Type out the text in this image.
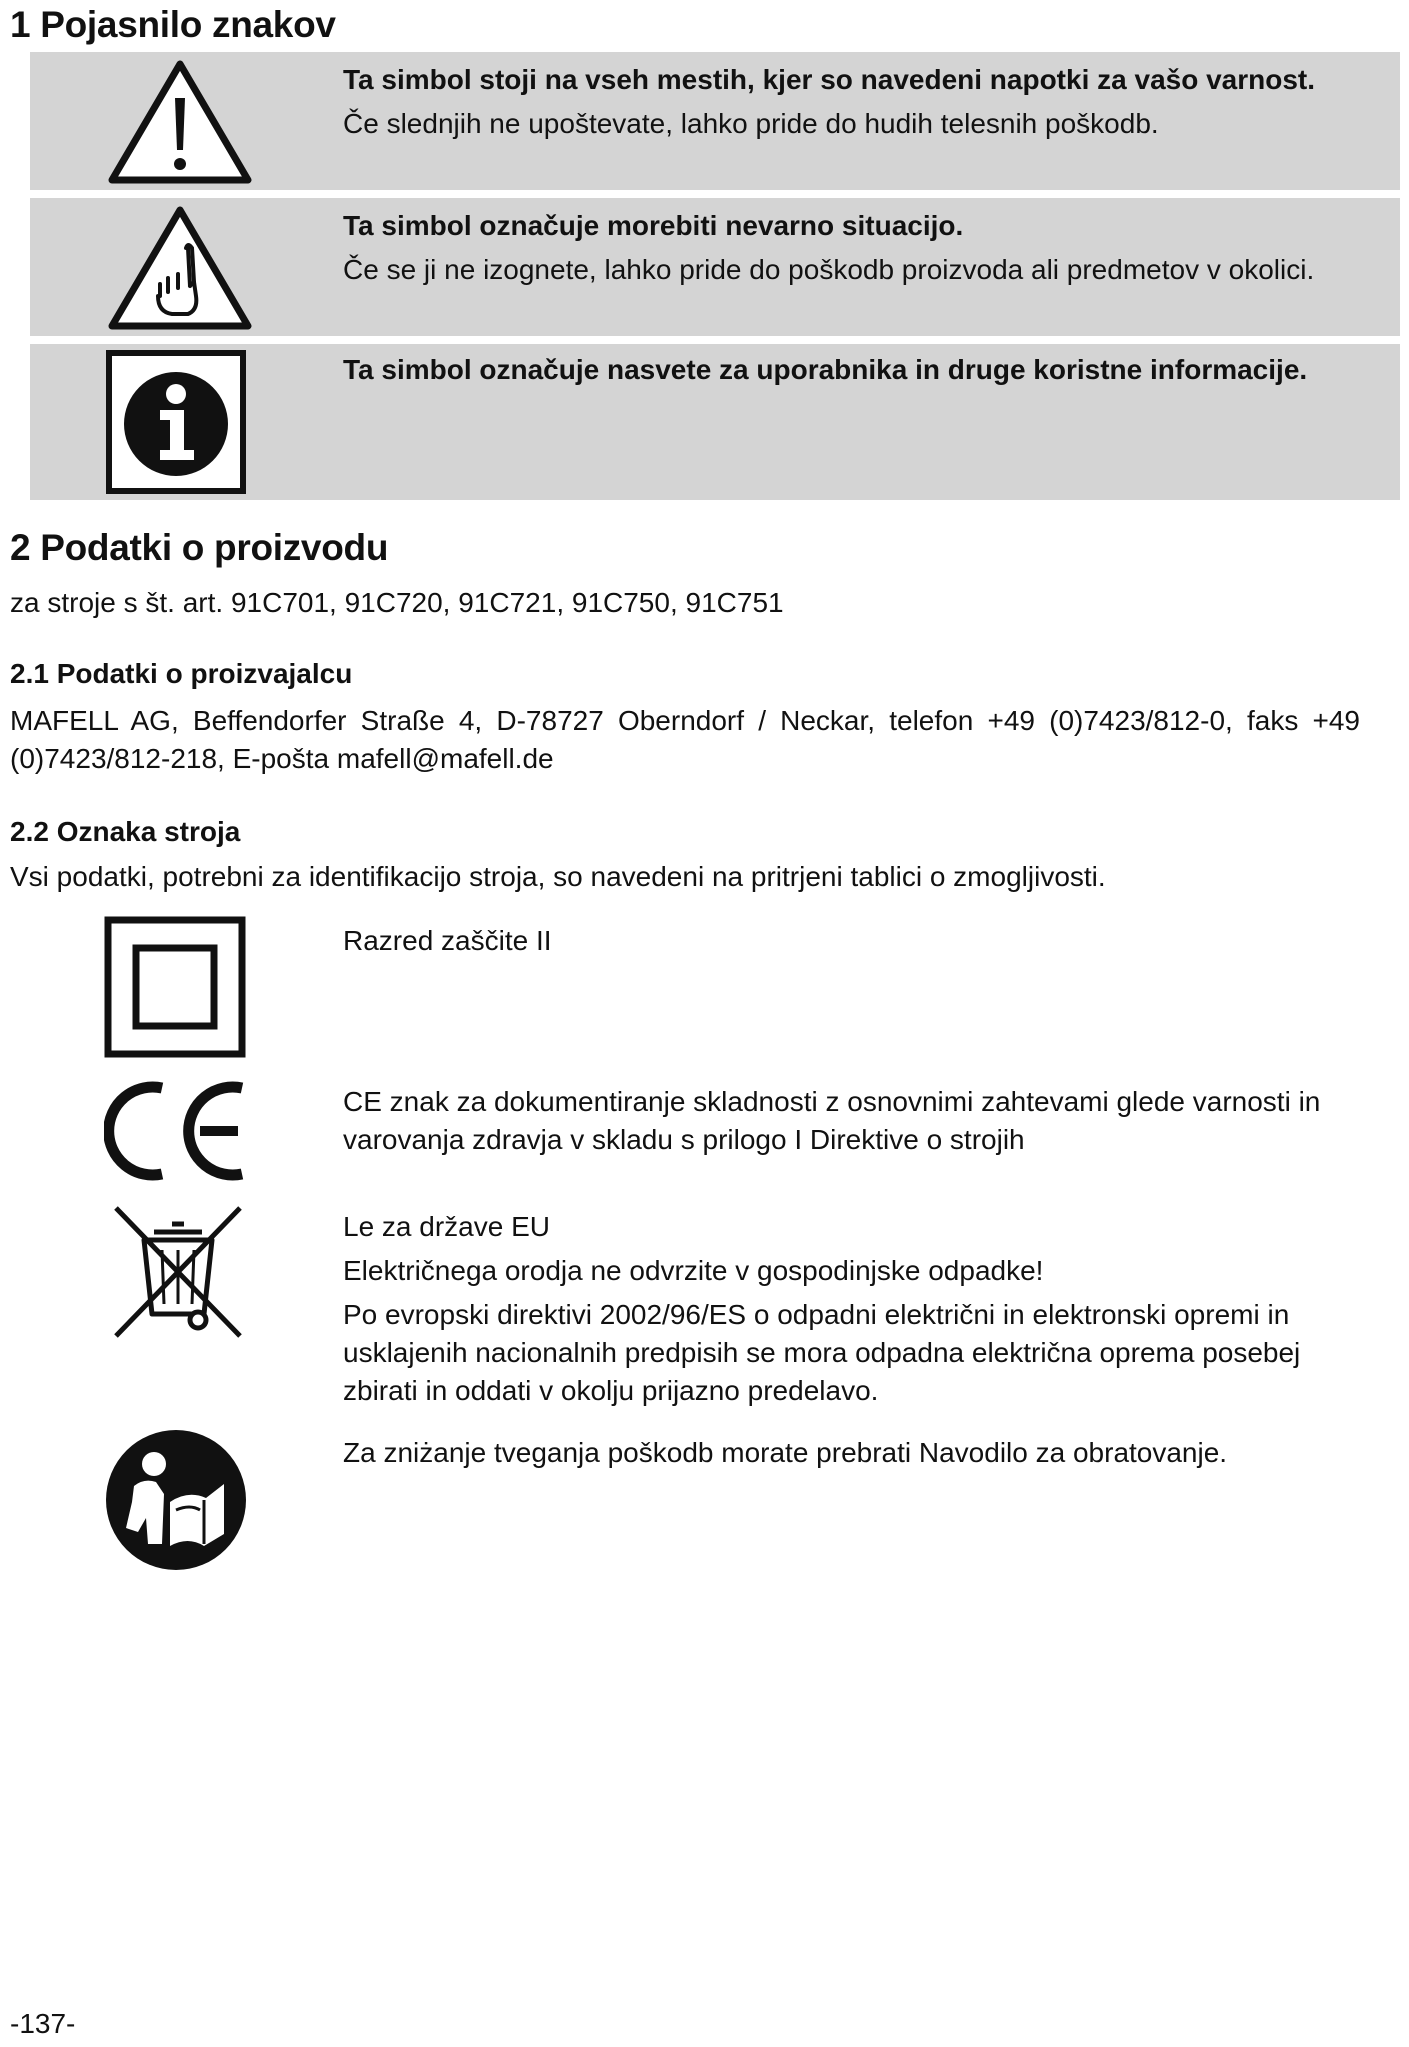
1 Pojasnilo znakov
Ta simbol stoji na vseh mestih, kjer so navedeni napotki za vašo varnost.
Če slednjih ne upoštevate, lahko pride do hudih telesnih poškodb.
Ta simbol označuje morebiti nevarno situacijo.
Če se ji ne izognete, lahko pride do poškodb proizvoda ali predmetov v okolici.
Ta simbol označuje nasvete za uporabnika in druge koristne informacije.
2 Podatki o proizvodu

za stroje s št. art. 91C701, 91C720, 91C721, 91C750, 91C751

2.1 Podatki o proizvajalcu
MAFELL AG, Beffendorfer Straße 4, D-78727 Oberndorf / Neckar, telefon +49 (0)7423/812-0, faks +49
(0)7423/812-218, E-pošta mafell@mafell.de
2.2 Oznaka stroja

Vsi podatki, potrebni za identifikacijo stroja, so navedeni na pritrjeni tablici o zmogljivosti.

Razred zaščite II

CE znak za dokumentiranje skladnosti z osnovnimi zahtevami glede varnosti in varovanja zdravja v skladu s prilogo I Direktive o strojih

Le za države EU

Električnega orodja ne odvrzite v gospodinjske odpadke!

Po evropski direktivi 2002/96/ES o odpadni električni in elektronski opremi in usklajenih nacionalnih predpisih se mora odpadna električna oprema posebej zbirati in oddati v okolju prijazno predelavo.

Za zniżanje tveganja poškodb morate prebrati Navodilo za obratovanje.

-137-
